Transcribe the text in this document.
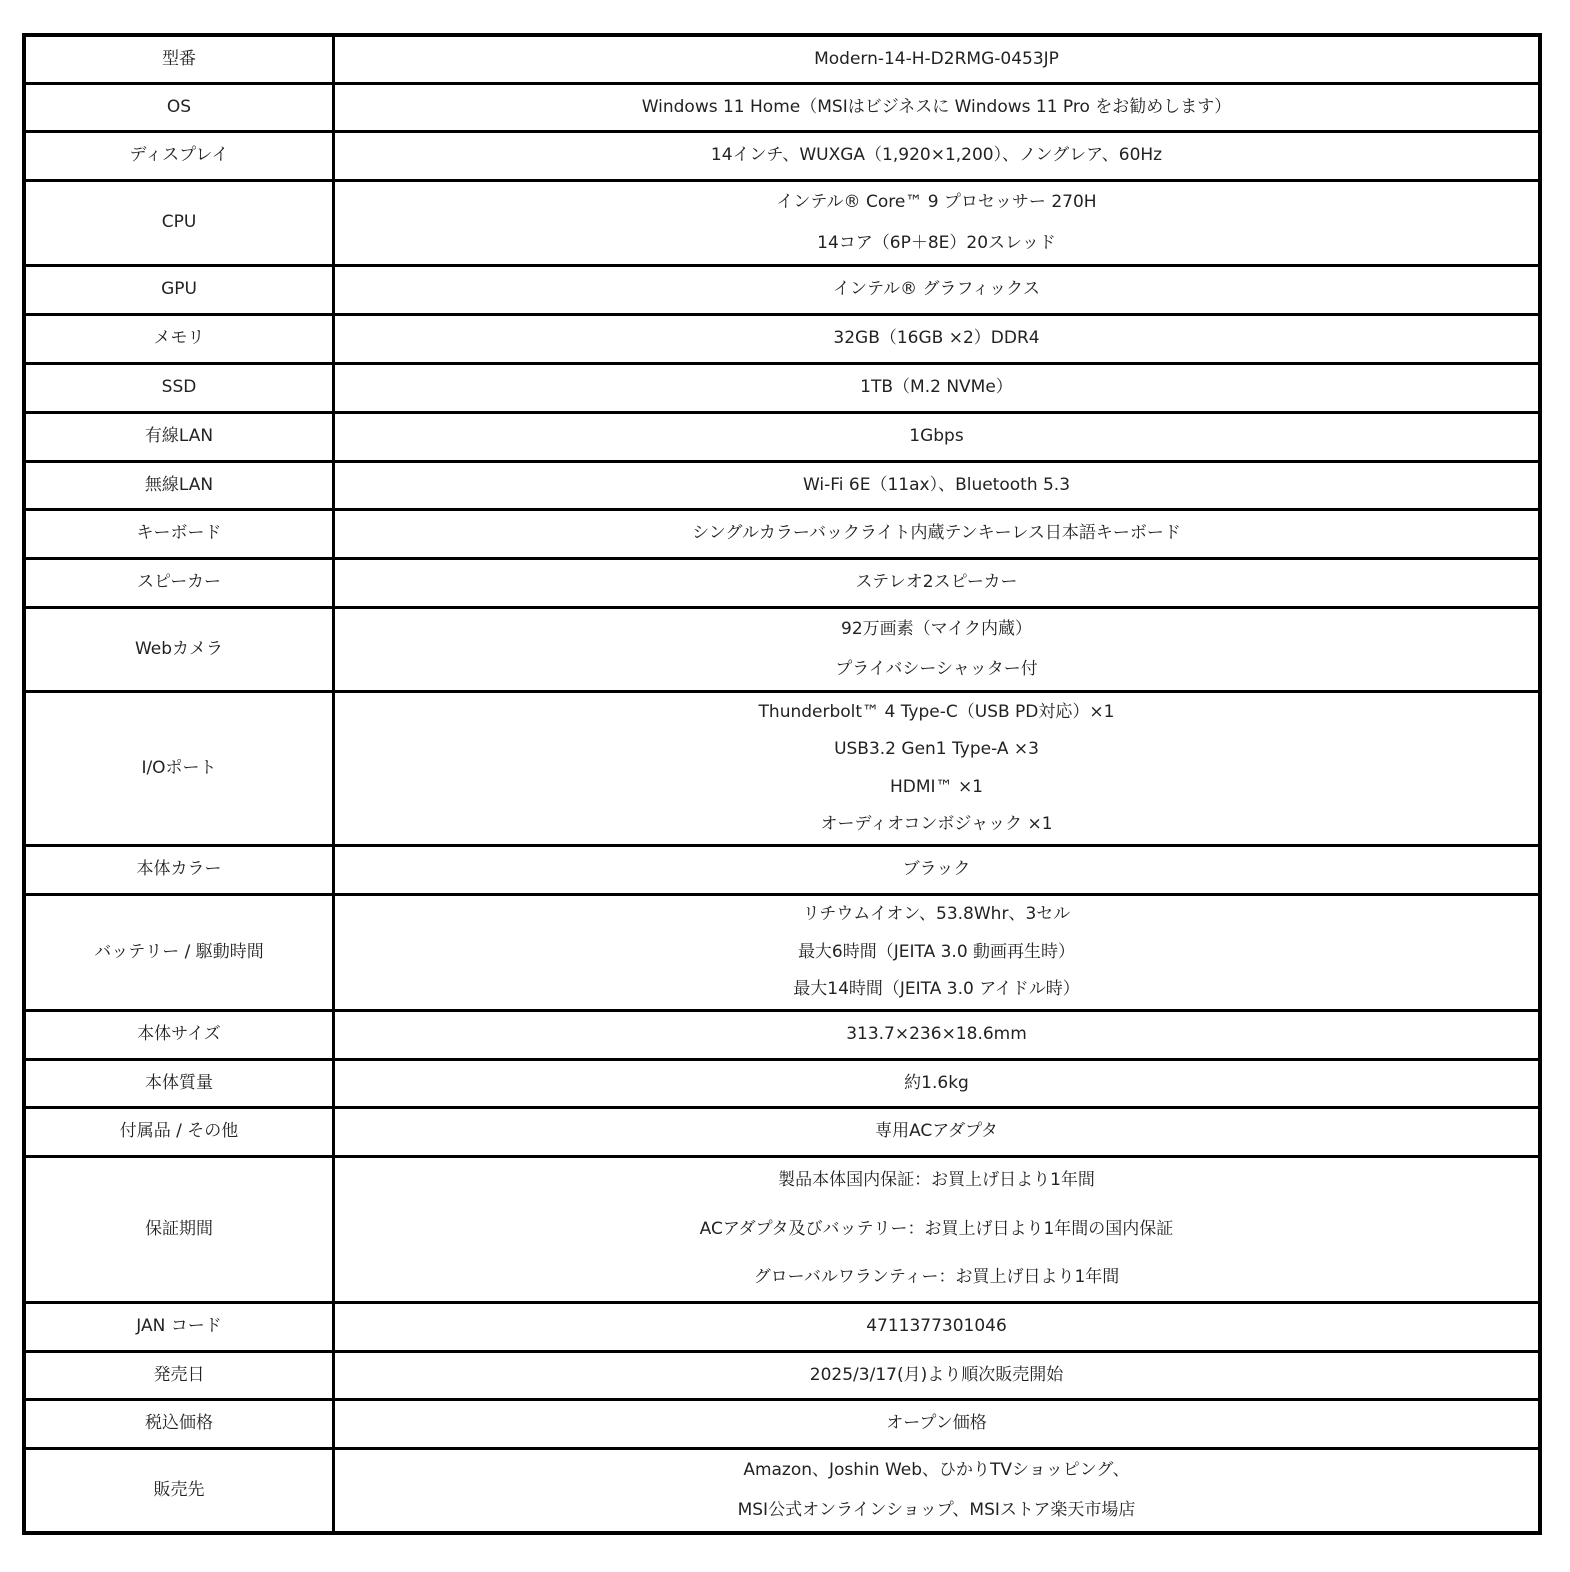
型番	Modern-14-H-D2RMG-0453JP

OS	Windows 11 Home（MSIはビジネスに Windows 11 Pro をお勧めします）

ディスプレイ	14インチ、WUXGA（1,920×1,200）、ノングレア、60Hz

CPU	インテル® Core™ 9 プロセッサー 270H
14コア（6P＋8E）20スレッド

GPU	インテル® グラフィックス

メモリ	32GB（16GB ×2）DDR4

SSD	1TB（M.2 NVMe）

有線LAN	1Gbps

無線LAN	Wi-Fi 6E（11ax）、Bluetooth 5.3

キーボード	シングルカラーバックライト内蔵テンキーレス日本語キーボード

スピーカー	ステレオ2スピーカー

Webカメラ	92万画素（マイク内蔵）
プライバシーシャッター付

I/Oポート	Thunderbolt™ 4 Type-C（USB PD対応）×1
USB3.2 Gen1 Type-A ×3
HDMI™ ×1
オーディオコンボジャック ×1

本体カラー	ブラック

バッテリー / 駆動時間	リチウムイオン、53.8Whr、3セル
最大6時間（JEITA 3.0 動画再生時）
最大14時間（JEITA 3.0 アイドル時）

本体サイズ	313.7×236×18.6mm

本体質量	約1.6kg

付属品 / その他	専用ACアダプタ

保証期間	製品本体国内保証：お買上げ日より1年間
ACアダプタ及びバッテリー：お買上げ日より1年間の国内保証
グローバルワランティー：お買上げ日より1年間

JAN コード	4711377301046

発売日	2025/3/17(月)より順次販売開始

税込価格	オープン価格

販売先	Amazon、Joshin Web、ひかりTVショッピング、
MSI公式オンラインショップ、MSIストア楽天市場店
